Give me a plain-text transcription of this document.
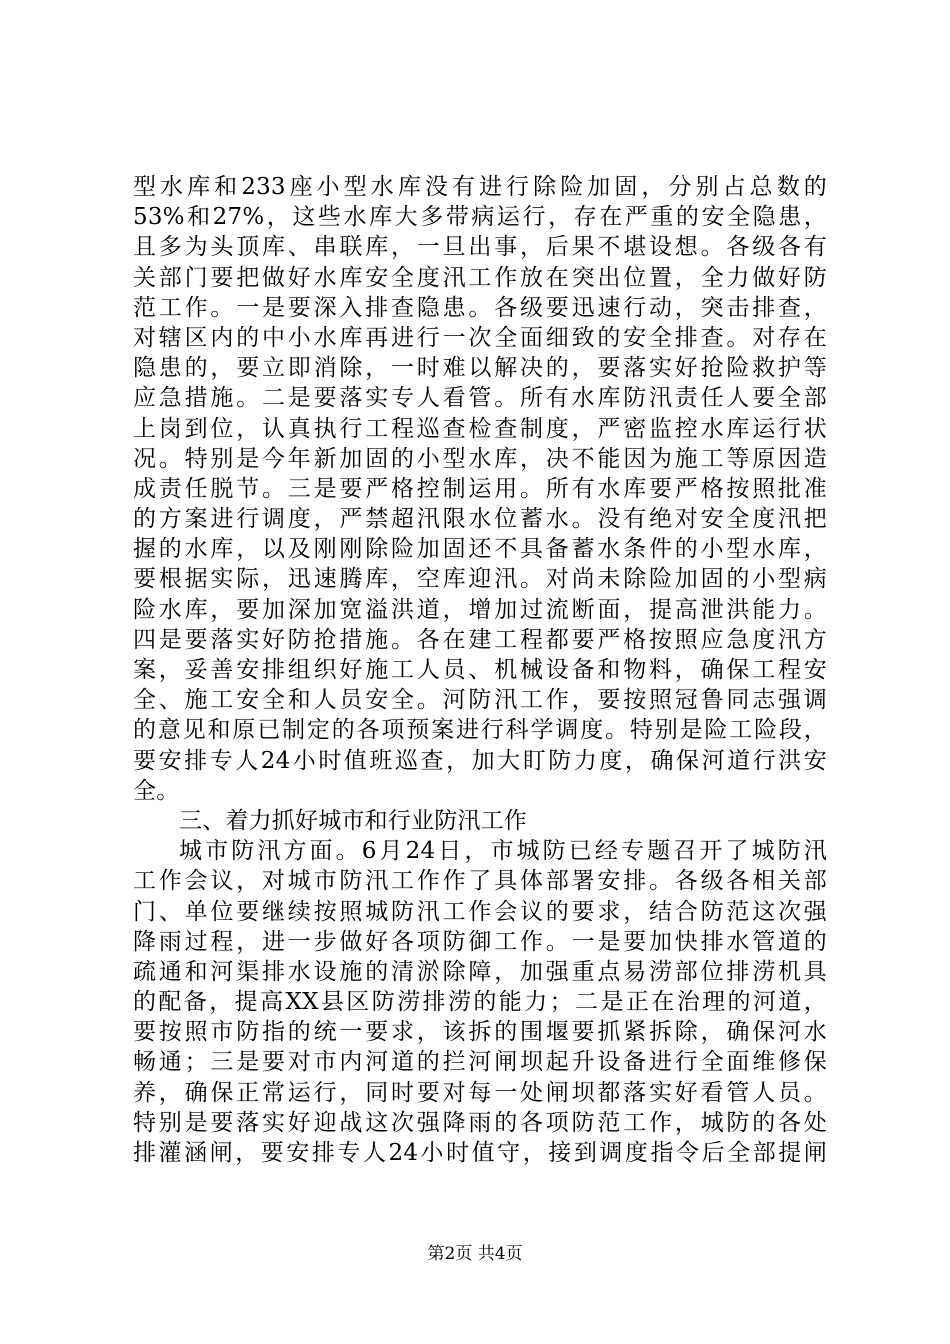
型水库和233座小型水库没有进行除险加固，分别占总数的
53%和27%，这些水库大多带病运行，存在严重的安全隐患，
且多为头顶库、串联库，一旦出事，后果不堪设想。各级各有
关部门要把做好水库安全度汛工作放在突出位置，全力做好防
范工作。一是要深入排查隐患。各级要迅速行动，突击排查，
对辖区内的中小水库再进行一次全面细致的安全排查。对存在
隐患的，要立即消除，一时难以解决的，要落实好抢险救护等
应急措施。二是要落实专人看管。所有水库防汛责任人要全部
上岗到位，认真执行工程巡查检查制度，严密监控水库运行状
况。特别是今年新加固的小型水库，决不能因为施工等原因造
成责任脱节。三是要严格控制运用。所有水库要严格按照批准
的方案进行调度，严禁超汛限水位蓄水。没有绝对安全度汛把
握的水库，以及刚刚除险加固还不具备蓄水条件的小型水库，
要根据实际，迅速腾库，空库迎汛。对尚未除险加固的小型病
险水库，要加深加宽溢洪道，增加过流断面，提高泄洪能力。
四是要落实好防抢措施。各在建工程都要严格按照应急度汛方
案，妥善安排组织好施工人员、机械设备和物料，确保工程安
全、施工安全和人员安全。河防汛工作，要按照冠鲁同志强调
的意见和原已制定的各项预案进行科学调度。特别是险工险段，
要安排专人24小时值班巡查，加大盯防力度，确保河道行洪安
全。
三、着力抓好城市和行业防汛工作
城市防汛方面。6月24日，市城防已经专题召开了城防汛
工作会议，对城市防汛工作作了具体部署安排。各级各相关部
门、单位要继续按照城防汛工作会议的要求，结合防范这次强
降雨过程，进一步做好各项防御工作。一是要加快排水管道的
疏通和河渠排水设施的清淤除障，加强重点易涝部位排涝机具
的配备，提高XX县区防涝排涝的能力；二是正在治理的河道，
要按照市防指的统一要求，该拆的围堰要抓紧拆除，确保河水
畅通；三是要对市内河道的拦河闸坝起升设备进行全面维修保
养，确保正常运行，同时要对每一处闸坝都落实好看管人员。
特别是要落实好迎战这次强降雨的各项防范工作，城防的各处
排灌涵闸，要安排专人24小时值守，接到调度指令后全部提闸
第2页 共4页
